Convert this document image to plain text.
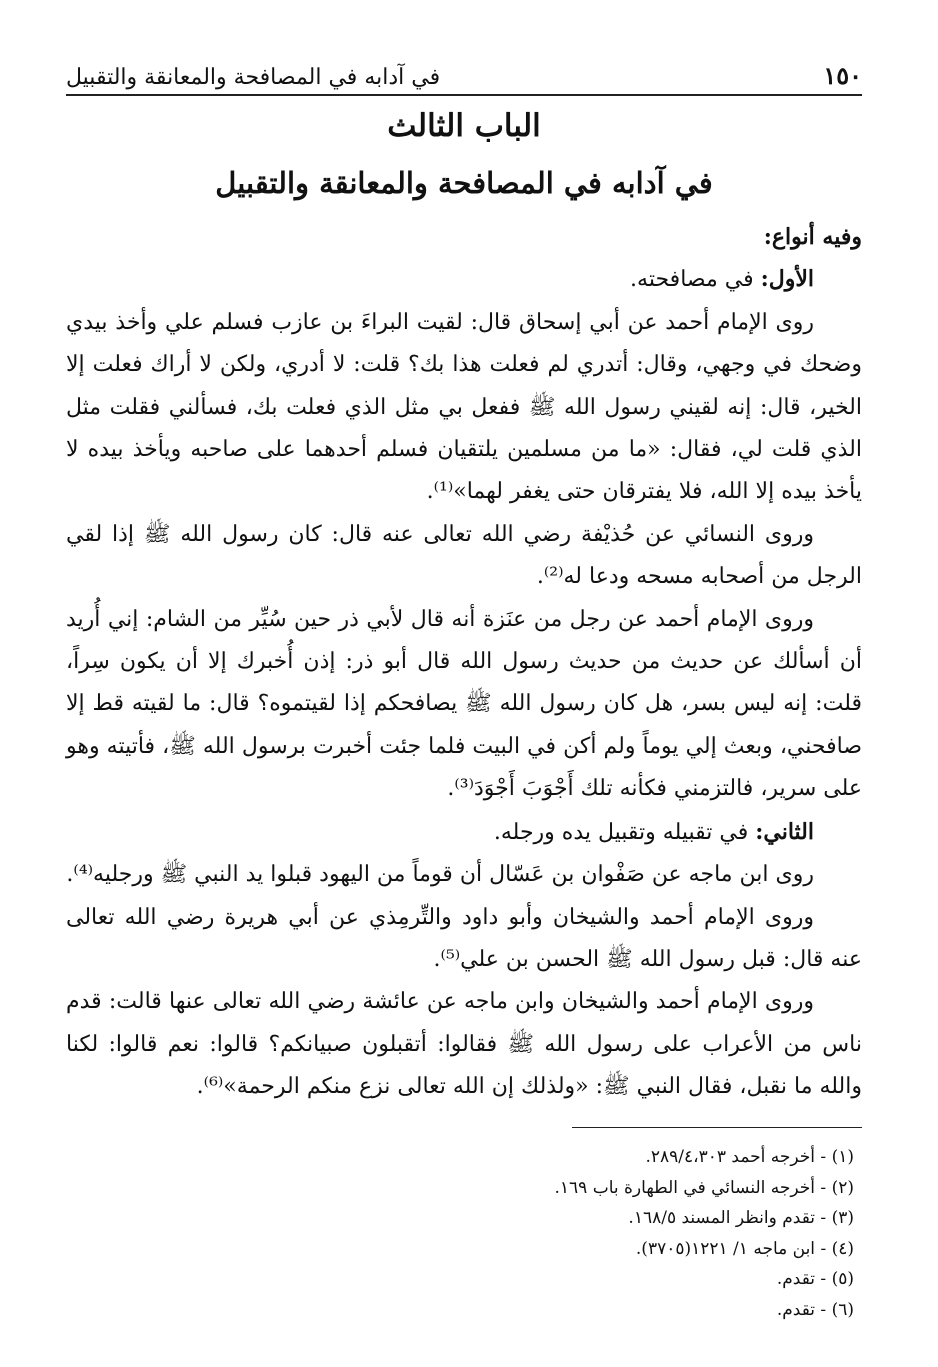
١٥٠
في آدابه في المصافحة والمعانقة والتقبيل
الباب الثالث
في آدابه في المصافحة والمعانقة والتقبيل

وفيه أنواع:

الأول: في مصافحته.

روى الإمام أحمد عن أبي إسحاق قال: لقيت البراءَ بن عازب فسلم علي وأخذ بيدي وضحك في وجهي، وقال: أتدري لم فعلت هذا بك؟ قلت: لا أدري، ولكن لا أراك فعلت إلا الخير، قال: إنه لقيني رسول الله ﷺ ففعل بي مثل الذي فعلت بك، فسألني فقلت مثل الذي قلت لي، فقال: «ما من مسلمين يلتقيان فسلم أحدهما على صاحبه ويأخذ بيده لا يأخذ بيده إلا الله، فلا يفترقان حتى يغفر لهما»⁽¹⁾.

وروى النسائي عن حُذيْفة رضي الله تعالى عنه قال: كان رسول الله ﷺ إذا لقي الرجل من أصحابه مسحه ودعا له⁽²⁾.

وروى الإمام أحمد عن رجل من عنَزة أنه قال لأبي ذر حين سُيِّر من الشام: إني أُريد أن أسألك عن حديث من حديث رسول الله قال أبو ذر: إذن أُخبرك إلا أن يكون سِراً، قلت: إنه ليس بسر، هل كان رسول الله ﷺ يصافحكم إذا لقيتموه؟ قال: ما لقيته قط إلا صافحني، وبعث إلي يوماً ولم أكن في البيت فلما جئت أخبرت برسول الله ﷺ، فأتيته وهو على سرير، فالتزمني فكأنه تلك أَجْوَبَ أَجْوَدَ⁽³⁾.

الثاني: في تقبيله وتقبيل يده ورجله.

روى ابن ماجه عن صَفْوان بن عَسّال أن قوماً من اليهود قبلوا يد النبي ﷺ ورجليه⁽⁴⁾.

وروى الإمام أحمد والشيخان وأبو داود والتِّرمِذي عن أبي هريرة رضي الله تعالى عنه قال: قبل رسول الله ﷺ الحسن بن علي⁽⁵⁾.

وروى الإمام أحمد والشيخان وابن ماجه عن عائشة رضي الله تعالى عنها قالت: قدم ناس من الأعراب على رسول الله ﷺ فقالوا: أتقبلون صبيانكم؟ قالوا: نعم قالوا: لكنا والله ما نقبل، فقال النبي ﷺ: «ولذلك إن الله تعالى نزع منكم الرحمة»⁽⁶⁾.

(١) - أخرجه أحمد ٢٨٩/٤،٣٠٣.
(٢) - أخرجه النسائي في الطهارة باب ١٦٩.
(٣) - تقدم وانظر المسند ١٦٨/٥.
(٤) - ابن ماجه ١/ ١٢٢١(٣٧٠٥).
(٥) - تقدم.
(٦) - تقدم.
